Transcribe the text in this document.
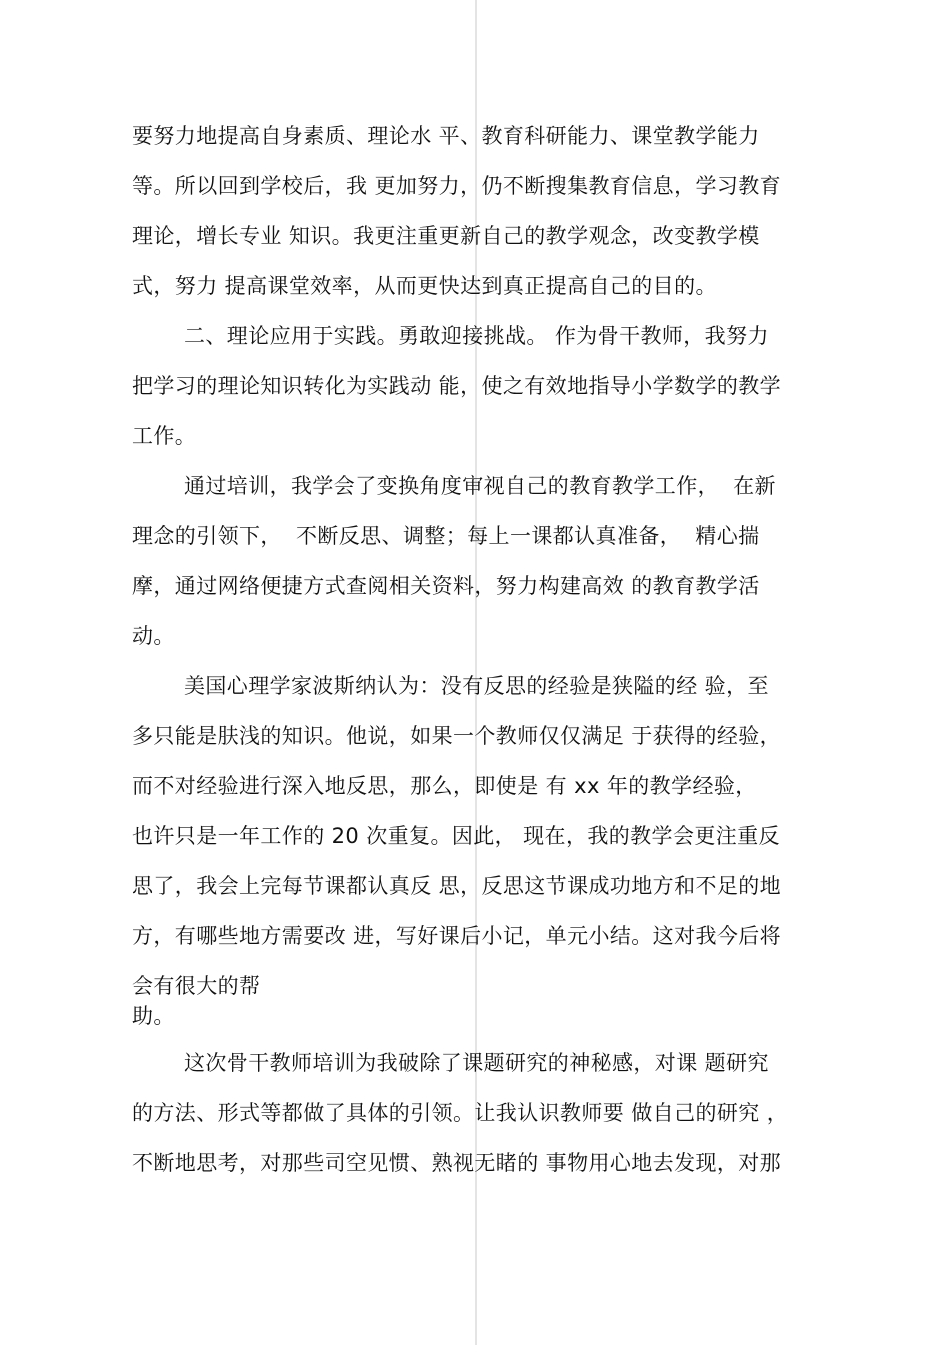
要努力地提高自身素质、理论水 平、教育科研能力、课堂教学能力
等。所以回到学校后，我 更加努力，仍不断搜集教育信息，学习教育
理论，增长专业 知识。我更注重更新自己的教学观念，改变教学模
式，努力 提高课堂效率，从而更快达到真正提高自己的目的。
二、理论应用于实践。勇敢迎接挑战。 作为骨干教师，我努力
把学习的理论知识转化为实践动 能，使之有效地指导小学数学的教学
工作。
通过培训，我学会了变换角度审视自己的教育教学工作，  在新
理念的引领下，  不断反思、调整；每上一课都认真准备，  精心揣
摩，通过网络便捷方式查阅相关资料，努力构建高效 的教育教学活
动。
美国心理学家波斯纳认为：没有反思的经验是狭隘的经 验，至
多只能是肤浅的知识。他说，如果一个教师仅仅满足 于获得的经验，
而不对经验进行深入地反思，那么，即使是 有 xx 年的教学经验，
也许只是一年工作的 20 次重复。因此， 现在，我的教学会更注重反
思了，我会上完每节课都认真反 思，反思这节课成功地方和不足的地
方，有哪些地方需要改 进，写好课后小记，单元小结。这对我今后将
会有很大的帮
助。
这次骨干教师培训为我破除了课题研究的神秘感，对课 题研究
的方法、形式等都做了具体的引领。让我认识教师要 做自己的研究 ，
不断地思考，对那些司空见惯、熟视无睹的 事物用心地去发现，对那
